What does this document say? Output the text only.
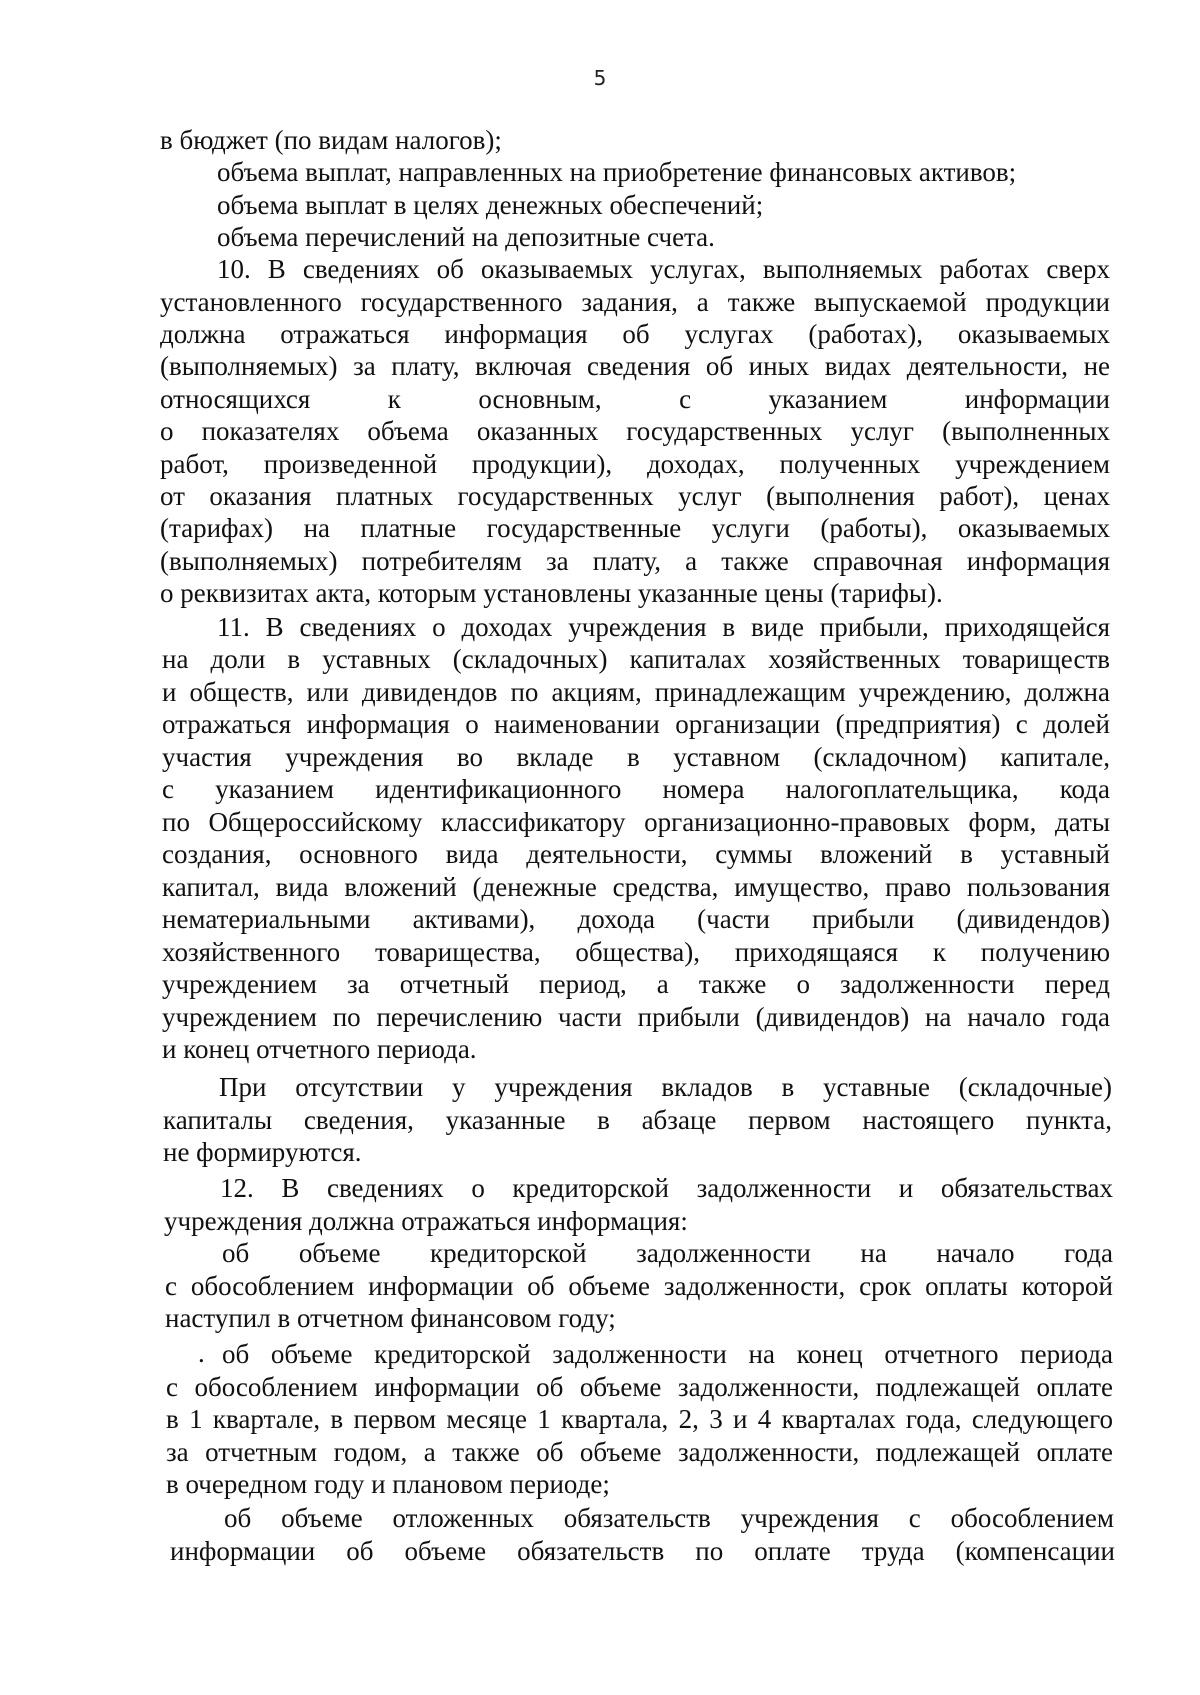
5
в бюджет (по видам налогов);
объема выплат, направленных на приобретение финансовых активов;
объема выплат в целях денежных обеспечений;
объема перечислений на депозитные счета.
10. В сведениях об оказываемых услугах, выполняемых работах сверх
установленного государственного задания, а также выпускаемой продукции
должна отражаться информация об услугах (работах), оказываемых
(выполняемых) за плату, включая сведения об иных видах деятельности, не
относящихся к основным, с указанием информации
о показателях объема оказанных государственных услуг (выполненных
работ, произведенной продукции), доходах, полученных учреждением
от оказания платных государственных услуг (выполнения работ), ценах
(тарифах) на платные государственные услуги (работы), оказываемых
(выполняемых) потребителям за плату, а также справочная информация
о реквизитах акта, которым установлены указанные цены (тарифы).
11. В сведениях о доходах учреждения в виде прибыли, приходящейся
на доли в уставных (складочных) капиталах хозяйственных товариществ
и обществ, или дивидендов по акциям, принадлежащим учреждению, должна
отражаться информация о наименовании организации (предприятия) с долей
участия учреждения во вкладе в уставном (складочном) капитале,
с указанием идентификационного номера налогоплательщика, кода
по Общероссийскому классификатору организационно-правовых форм, даты
создания, основного вида деятельности, суммы вложений в уставный
капитал, вида вложений (денежные средства, имущество, право пользования
нематериальными активами), дохода (части прибыли (дивидендов)
хозяйственного товарищества, общества), приходящаяся к получению
учреждением за отчетный период, а также о задолженности перед
учреждением по перечислению части прибыли (дивидендов) на начало года
и конец отчетного периода.
При отсутствии у учреждения вкладов в уставные (складочные)
капиталы сведения, указанные в абзаце первом настоящего пункта,
не формируются.
12. В сведениях о кредиторской задолженности и обязательствах
учреждения должна отражаться информация:
об объеме кредиторской задолженности на начало года
с обособлением информации об объеме задолженности, срок оплаты которой
наступил в отчетном финансовом году;
. об объеме кредиторской задолженности на конец отчетного периода
с обособлением информации об объеме задолженности, подлежащей оплате
в 1 квартале, в первом месяце 1 квартала, 2, 3 и 4 кварталах года, следующего
за отчетным годом, а также об объеме задолженности, подлежащей оплате
в очередном году и плановом периоде;
об объеме отложенных обязательств учреждения с обособлением
информации об объеме обязательств по оплате труда (компенсации
